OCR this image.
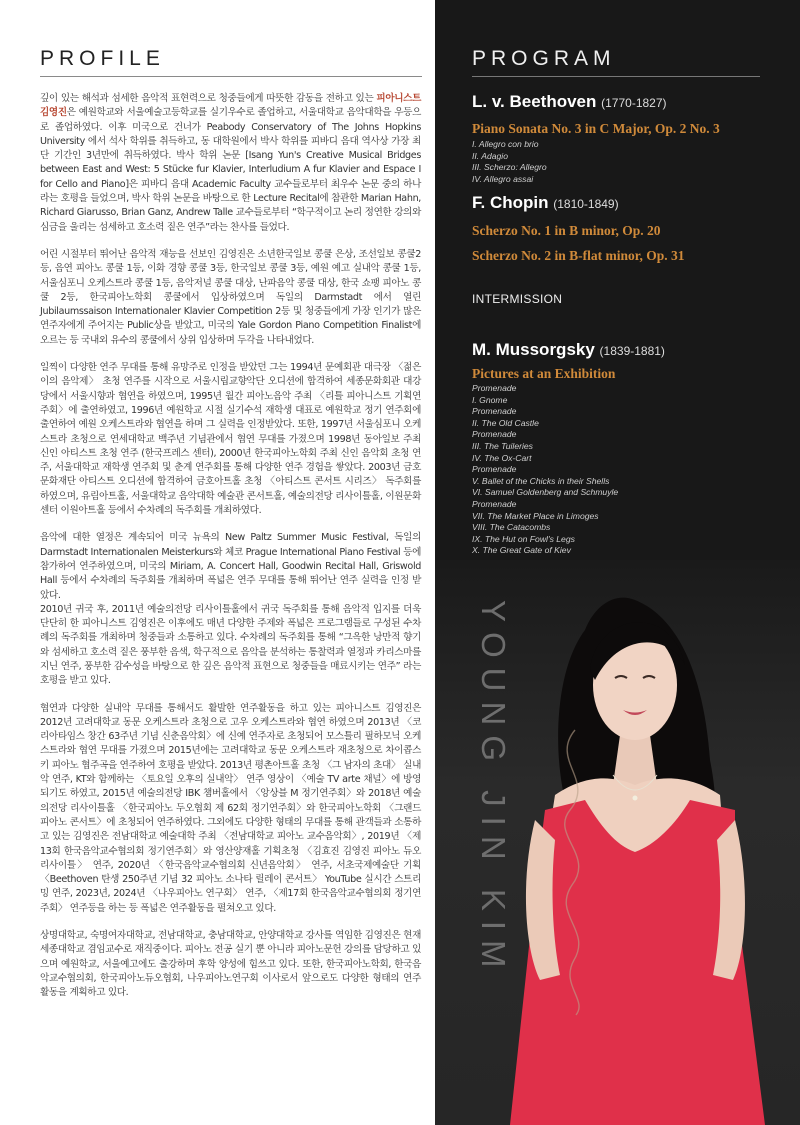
PROFILE

깊이 있는 해석과 섬세한 음악적 표현력으로 청중들에게 따뜻한 감동을 전하고 있는 피아니스트 김영진은 예원학교와 서울예술고등학교를 실기우수로 졸업하고, 서울대학교 음악대학을 우등으로 졸업하였다. 이후 미국으로 건너가 Peabody Conservatory of The Johns Hopkins University 에서 석사 학위를 취득하고, 동 대학원에서 박사 학위를 피바디 음대 역사상 가장 최단 기간인 3년만에 취득하였다. 박사 학위 논문 [Isang Yun's Creative Musical Bridges between East and West: 5 Stücke fur Klavier, Interludium A fur Klavier and Espace I for Cello and Piano]은 피바디 음대 Academic Faculty 교수들로부터 최우수 논문 중의 하나라는 호평을 들었으며, 박사 학위 논문을 바탕으로 한 Lecture Recital에 참관한 Marian Hahn, Richard Giarusso, Brian Ganz, Andrew Talle 교수들로부터 “학구적이고 논리 정연한 강의와 심금을 울리는 섬세하고 호소력 짙은 연주”라는 찬사를 들었다.

어린 시절부터 뛰어난 음악적 재능을 선보인 김영진은 소년한국일보 콩쿨 은상, 조선일보 콩쿨2등, 음연 피아노 콩쿨 1등, 이화 경향 콩쿨 3등, 한국일보 콩쿨 3등, 예원 예고 실내악 콩쿨 1등, 서울심포니 오케스트라 콩쿨 1등, 음악저널 콩쿨 대상, 난파음악 콩쿨 대상, 한국 쇼팽 피아노 콩쿨 2등, 한국피아노학회 콩쿨에서 입상하였으며 독일의 Darmstadt 에서 열린 Jubilaumssaison Internationaler Klavier Competition 2등 및 청중들에게 가장 인기가 많은 연주자에게 주어지는 Public상을 받았고, 미국의 Yale Gordon Piano Competition Finalist에 오르는 등 국내외 유수의 콩쿨에서 상위 입상하며 두각을 나타내었다.

일찍이 다양한 연주 무대를 통해 유망주로 인정을 받았던 그는 1994년 문예회관 대극장 〈젊은이의 음악제〉 초청 연주를 시작으로 서울시립교향악단 오디션에 합격하여 세종문화회관 대강당에서 서울시향과 협연을 하였으며, 1995년 월간 피아노음악 주최 〈리틀 피아니스트 기획연주회〉에 출연하였고, 1996년 예원학교 시절 실기수석 재학생 대표로 예원학교 정기 연주회에 출연하여 예원 오케스트라와 협연을 하며 그 실력을 인정받았다. 또한, 1997년 서울심포니 오케스트라 초청으로 연세대학교 백주년 기념관에서 협연 무대를 가졌으며 1998년 동아일보 주최 신인 아티스트 초청 연주 (한국프레스 센터), 2000년 한국피아노학회 주최 신인 음악회 초청 연주, 서울대학교 재학생 연주회 및 춘계 연주회를 통해 다양한 연주 경험을 쌓았다. 2003년 금호문화재단 아티스트 오디션에 합격하여 금호아트홀 초청 〈아티스트 콘서트 시리즈〉 독주회를 하였으며, 유림아트홀, 서울대학교 음악대학 예술관 콘서트홀, 예술의전당 리사이틀홀, 이원문화센터 이원아트홀 등에서 수차례의 독주회를 개최하였다.

음악에 대한 열정은 계속되어 미국 뉴욕의 New Paltz Summer Music Festival, 독일의 Darmstadt Internationalen Meisterkurs와 체코 Prague International Piano Festival 등에 참가하여 연주하였으며, 미국의 Miriam, A. Concert Hall, Goodwin Recital Hall, Griswold Hall 등에서 수차례의 독주회를 개최하며 폭넓은 연주 무대를 통해 뛰어난 연주 실력을 인정 받았다.
2010년 귀국 후, 2011년 예술의전당 리사이틀홀에서 귀국 독주회를 통해 음악적 입지를 더욱 단단히 한 피아니스트 김영진은 이후에도 매년 다양한 주제와 폭넓은 프로그램들로 구성된 수차례의 독주회를 개최하며 청중들과 소통하고 있다. 수차례의 독주회를 통해 “그윽한 낭만적 향기와 섬세하고 호소력 짙은 풍부한 음색, 학구적으로 음악을 분석하는 통찰력과 열정과 카리스마를 지닌 연주, 풍부한 감수성을 바탕으로 한 깊은 음악적 표현으로 청중들을 매료시키는 연주” 라는 호평을 받고 있다.

협연과 다양한 실내악 무대를 통해서도 활발한 연주활동을 하고 있는 피아니스트 김영진은 2012년 고려대학교 동문 오케스트라 초청으로 고우 오케스트라와 협연 하였으며 2013년 〈코리아타임스 창간 63주년 기념 신춘음악회〉에 신예 연주자로 초청되어 모스틀리 필하모닉 오케스트라와 협연 무대를 가졌으며 2015년에는 고려대학교 동문 오케스트라 재초청으로 차이콥스키 피아노 협주곡을 연주하여 호평을 받았다. 2013년 평촌아트홀 초청 〈그 남자의 초대〉 실내악 연주, KT와 함께하는 〈토요일 오후의 실내악〉 연주 영상이 〈예술 TV arte 채널〉에 방영되기도 하였고, 2015년 예술의전당 IBK 챔버홀에서 〈앙상블 M 정기연주회〉와 2018년 예술의전당 리사이틀홀 〈한국피아노 두오협회 제 62회 정기연주회〉와 한국피아노학회 〈그랜드 피아노 콘서트〉에 초청되어 연주하였다. 그외에도 다양한 형태의 무대를 통해 관객들과 소통하고 있는 김영진은 전남대학교 예술대학 주최 〈전남대학교 피아노 교수음악회〉, 2019년 〈제13회 한국음악교수협의회 정기연주회〉와 영산양재홀 기획초청 〈김효진 김영진 피아노 듀오 리사이틀〉 연주, 2020년 〈한국음악교수협의회 신년음악회〉 연주, 서초국제예술단 기획 〈Beethoven 탄생 250주년 기념 32 피아노 소나타 릴레이 콘서트〉 YouTube 실시간 스트리밍 연주, 2023년, 2024년 〈나우피아노 연구회〉 연주, 〈제17회 한국음악교수협의회 정기연주회〉 연주등을 하는 등 폭넓은 연주활동을 펼쳐오고 있다.

상명대학교, 숙명여자대학교, 전남대학교, 충남대학교, 안양대학교 강사를 역임한 김영진은 현재 세종대학교 겸임교수로 재직중이다. 피아노 전공 실기 뿐 아니라 피아노문헌 강의를 담당하고 있으며 예원학교, 서울예고에도 출강하며 후학 양성에 힘쓰고 있다. 또한, 한국피아노학회, 한국음악교수협의회, 한국피아노듀오협회, 나우피아노연구회 이사로서 앞으로도 다양한 형태의 연주 활동을 계획하고 있다.

PROGRAM
L. v. Beethoven (1770-1827)
Piano Sonata No. 3 in C Major, Op. 2 No. 3
I. Allegro con brio
II. Adagio
III. Scherzo: Allegro
IV. Allegro assai
F. Chopin (1810-1849)
Scherzo No. 1 in B minor, Op. 20
Scherzo No. 2 in B-flat minor, Op. 31
INTERMISSION
M. Mussorgsky (1839-1881)
Pictures at an Exhibition
Promenade
I. Gnome
Promenade
II. The Old Castle
Promenade
III. The Tuileries
IV. The Ox-Cart
Promenade
V. Ballet of the Chicks in their Shells
VI. Samuel Goldenberg and Schmuyle
Promenade
VII. The Market Place in Limoges
VIII. The Catacombs
IX. The Hut on Fowl's Legs
X. The Great Gate of Kiev
YOUNG JIN KIM
